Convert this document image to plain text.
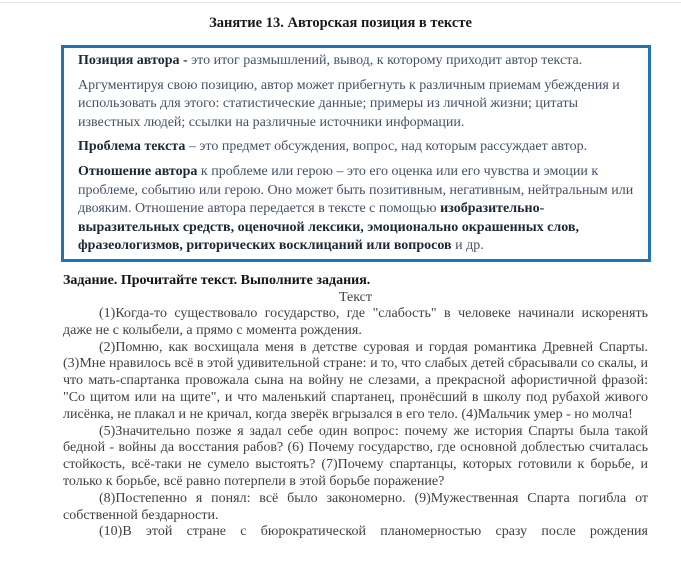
Занятие 13. Авторская позиция в тексте

Позиция автора - это итог размышлений, вывод, к которому приходит автор текста.

Аргументируя свою позицию, автор может прибегнуть к различным приемам убеждения и использовать для этого: статистические данные; примеры из личной жизни; цитаты известных людей; ссылки на различные источники информации.

Проблема текста – это предмет обсуждения, вопрос, над которым рассуждает автор.

Отношение автора к проблеме или герою – это его оценка или его чувства и эмоции к проблеме, событию или герою. Оно может быть позитивным, негативным, нейтральным или двояким. Отношение автора передается в тексте с помощью изобразительно-выразительных средств, оценочной лексики, эмоционально окрашенных слов, фразеологизмов, риторических восклицаний или вопросов и др.

Задание. Прочитайте текст. Выполните задания.

Текст

(1)Когда-то существовало государство, где "слабость" в человеке начинали искоренять даже не с колыбели, а прямо с момента рождения.

(2)Помню, как восхищала меня в детстве суровая и гордая романтика Древней Спарты. (3)Мне нравилось всё в этой удивительной стране: и то, что слабых детей сбрасывали со скалы, и что мать-спартанка провожала сына на войну не слезами, а прекрасной афористичной фразой: "Со щитом или на щите", и что маленький спартанец, пронёсший в школу под рубахой живого лисёнка, не плакал и не кричал, когда зверёк вгрызался в его тело. (4)Мальчик умер - но молча!

(5)Значительно позже я задал себе один вопрос: почему же история Спарты была такой бедной - войны да восстания рабов? (6) Почему государство, где основной доблестью считалась стойкость, всё-таки не сумело выстоять? (7)Почему спартанцы, которых готовили к борьбе, и только к борьбе, всё равно потерпели в этой борьбе поражение?

(8)Постепенно я понял: всё было закономерно. (9)Мужественная Спарта погибла от собственной бездарности.

(10)В этой стране с бюрократической планомерностью сразу после рождения
